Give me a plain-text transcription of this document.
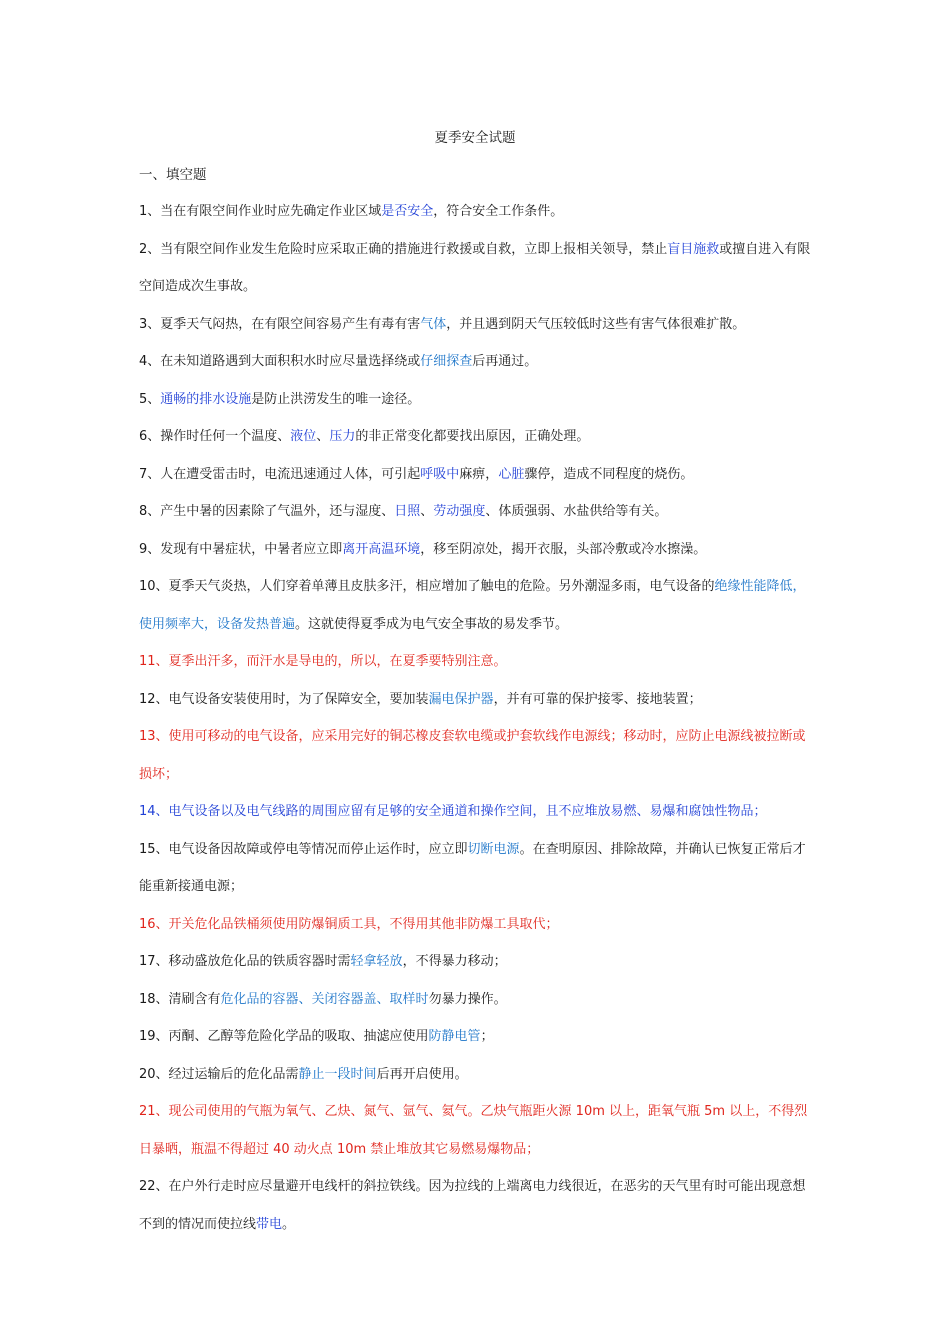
夏季安全试题
一、填空题

1、当在有限空间作业时应先确定作业区域是否安全，符合安全工作条件。

2、当有限空间作业发生危险时应采取正确的措施进行救援或自救，立即上报相关领导，禁止盲目施救或擅自进入有限空间造成次生事故。

3、夏季天气闷热，在有限空间容易产生有毒有害气体，并且遇到阴天气压较低时这些有害气体很难扩散。

4、在未知道路遇到大面积积水时应尽量选择绕或仔细探查后再通过。

5、通畅的排水设施是防止洪涝发生的唯一途径。

6、操作时任何一个温度、液位、压力的非正常变化都要找出原因，正确处理。

7、人在遭受雷击时，电流迅速通过人体，可引起呼吸中麻痹，心脏骤停，造成不同程度的烧伤。

8、产生中暑的因素除了气温外，还与湿度、日照、劳动强度、体质强弱、水盐供给等有关。

9、发现有中暑症状，中暑者应立即离开高温环境，移至阴凉处，揭开衣服，头部冷敷或冷水擦澡。

10、夏季天气炎热，人们穿着单薄且皮肤多汗，相应增加了触电的危险。另外潮湿多雨，电气设备的绝缘性能降低，使用频率大，设备发热普遍。这就使得夏季成为电气安全事故的易发季节。

11、夏季出汗多，而汗水是导电的，所以，在夏季要特别注意。

12、电气设备安装使用时，为了保障安全，要加装漏电保护器，并有可靠的保护接零、接地装置；

13、使用可移动的电气设备，应采用完好的铜芯橡皮套软电缆或护套软线作电源线；移动时，应防止电源线被拉断或损坏；

14、电气设备以及电气线路的周围应留有足够的安全通道和操作空间，且不应堆放易燃、易爆和腐蚀性物品；

15、电气设备因故障或停电等情况而停止运作时，应立即切断电源。在查明原因、排除故障，并确认已恢复正常后才能重新接通电源；

16、开关危化品铁桶须使用防爆铜质工具，不得用其他非防爆工具取代；

17、移动盛放危化品的铁质容器时需轻拿轻放，不得暴力移动；

18、清刷含有危化品的容器、关闭容器盖、取样时勿暴力操作。

19、丙酮、乙醇等危险化学品的吸取、抽滤应使用防静电管；

20、经过运输后的危化品需静止一段时间后再开启使用。

21、现公司使用的气瓶为氧气、乙炔、氮气、氩气、氦气。乙炔气瓶距火源 10m 以上，距氧气瓶 5m 以上，不得烈日暴晒，瓶温不得超过 40 动火点 10m 禁止堆放其它易燃易爆物品；

22、在户外行走时应尽量避开电线杆的斜拉铁线。因为拉线的上端离电力线很近，在恶劣的天气里有时可能出现意想不到的情况而使拉线带电。
